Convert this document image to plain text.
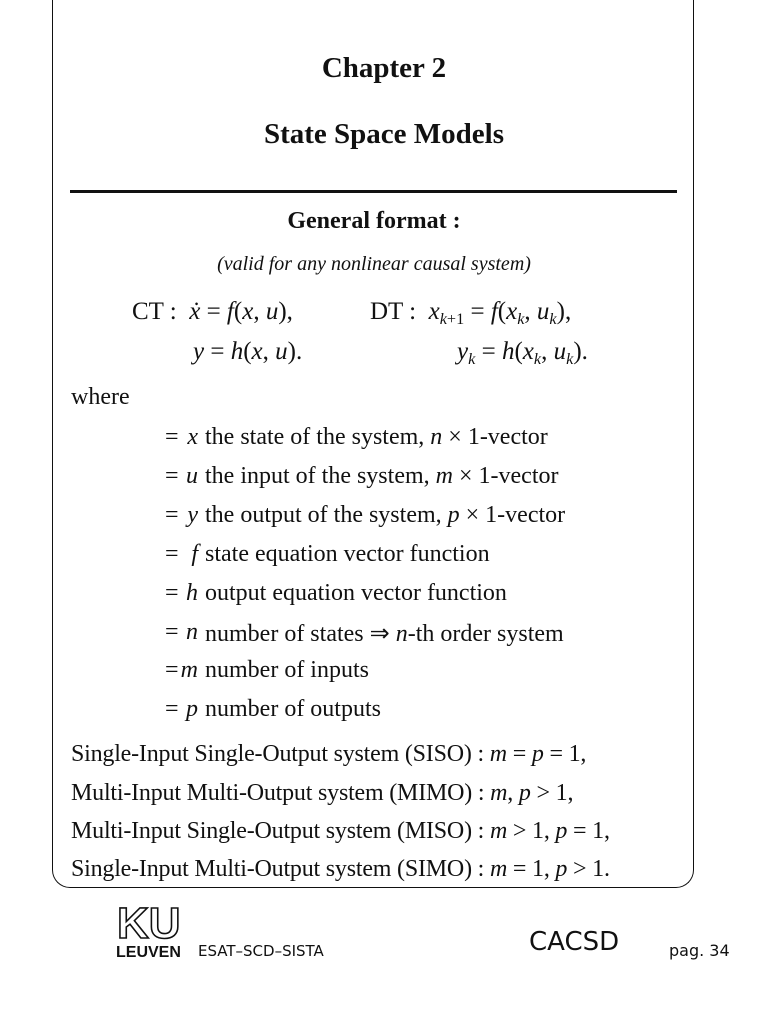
Chapter 2
State Space Models
General format :
(valid for any nonlinear causal system)
CT :  ẋ = f(x, u),
y = h(x, u).
DT :  $x_{k+1} = f(x_k$, $u_k$),
$y_k = h(x_k$, $u_k$).
where
x
= the state of the system, n × 1-vector
u
= the input of the system, m × 1-vector
y
= the output of the system, p × 1-vector
f
= state equation vector function
h
= output equation vector function
n
= number of states ⇒ n-th order system
m
= number of inputs
p
= number of outputs
Single-Input Single-Output system (SISO) : m = p = 1,
Multi-Input Multi-Output system (MIMO) : m, p > 1,
Multi-Input Single-Output system (MISO) : m > 1, p = 1,
Single-Input Multi-Output system (SIMO) : m = 1, p > 1.
KU
LEUVEN ESAT–SCD–SISTA	CACSD	pag. 34
